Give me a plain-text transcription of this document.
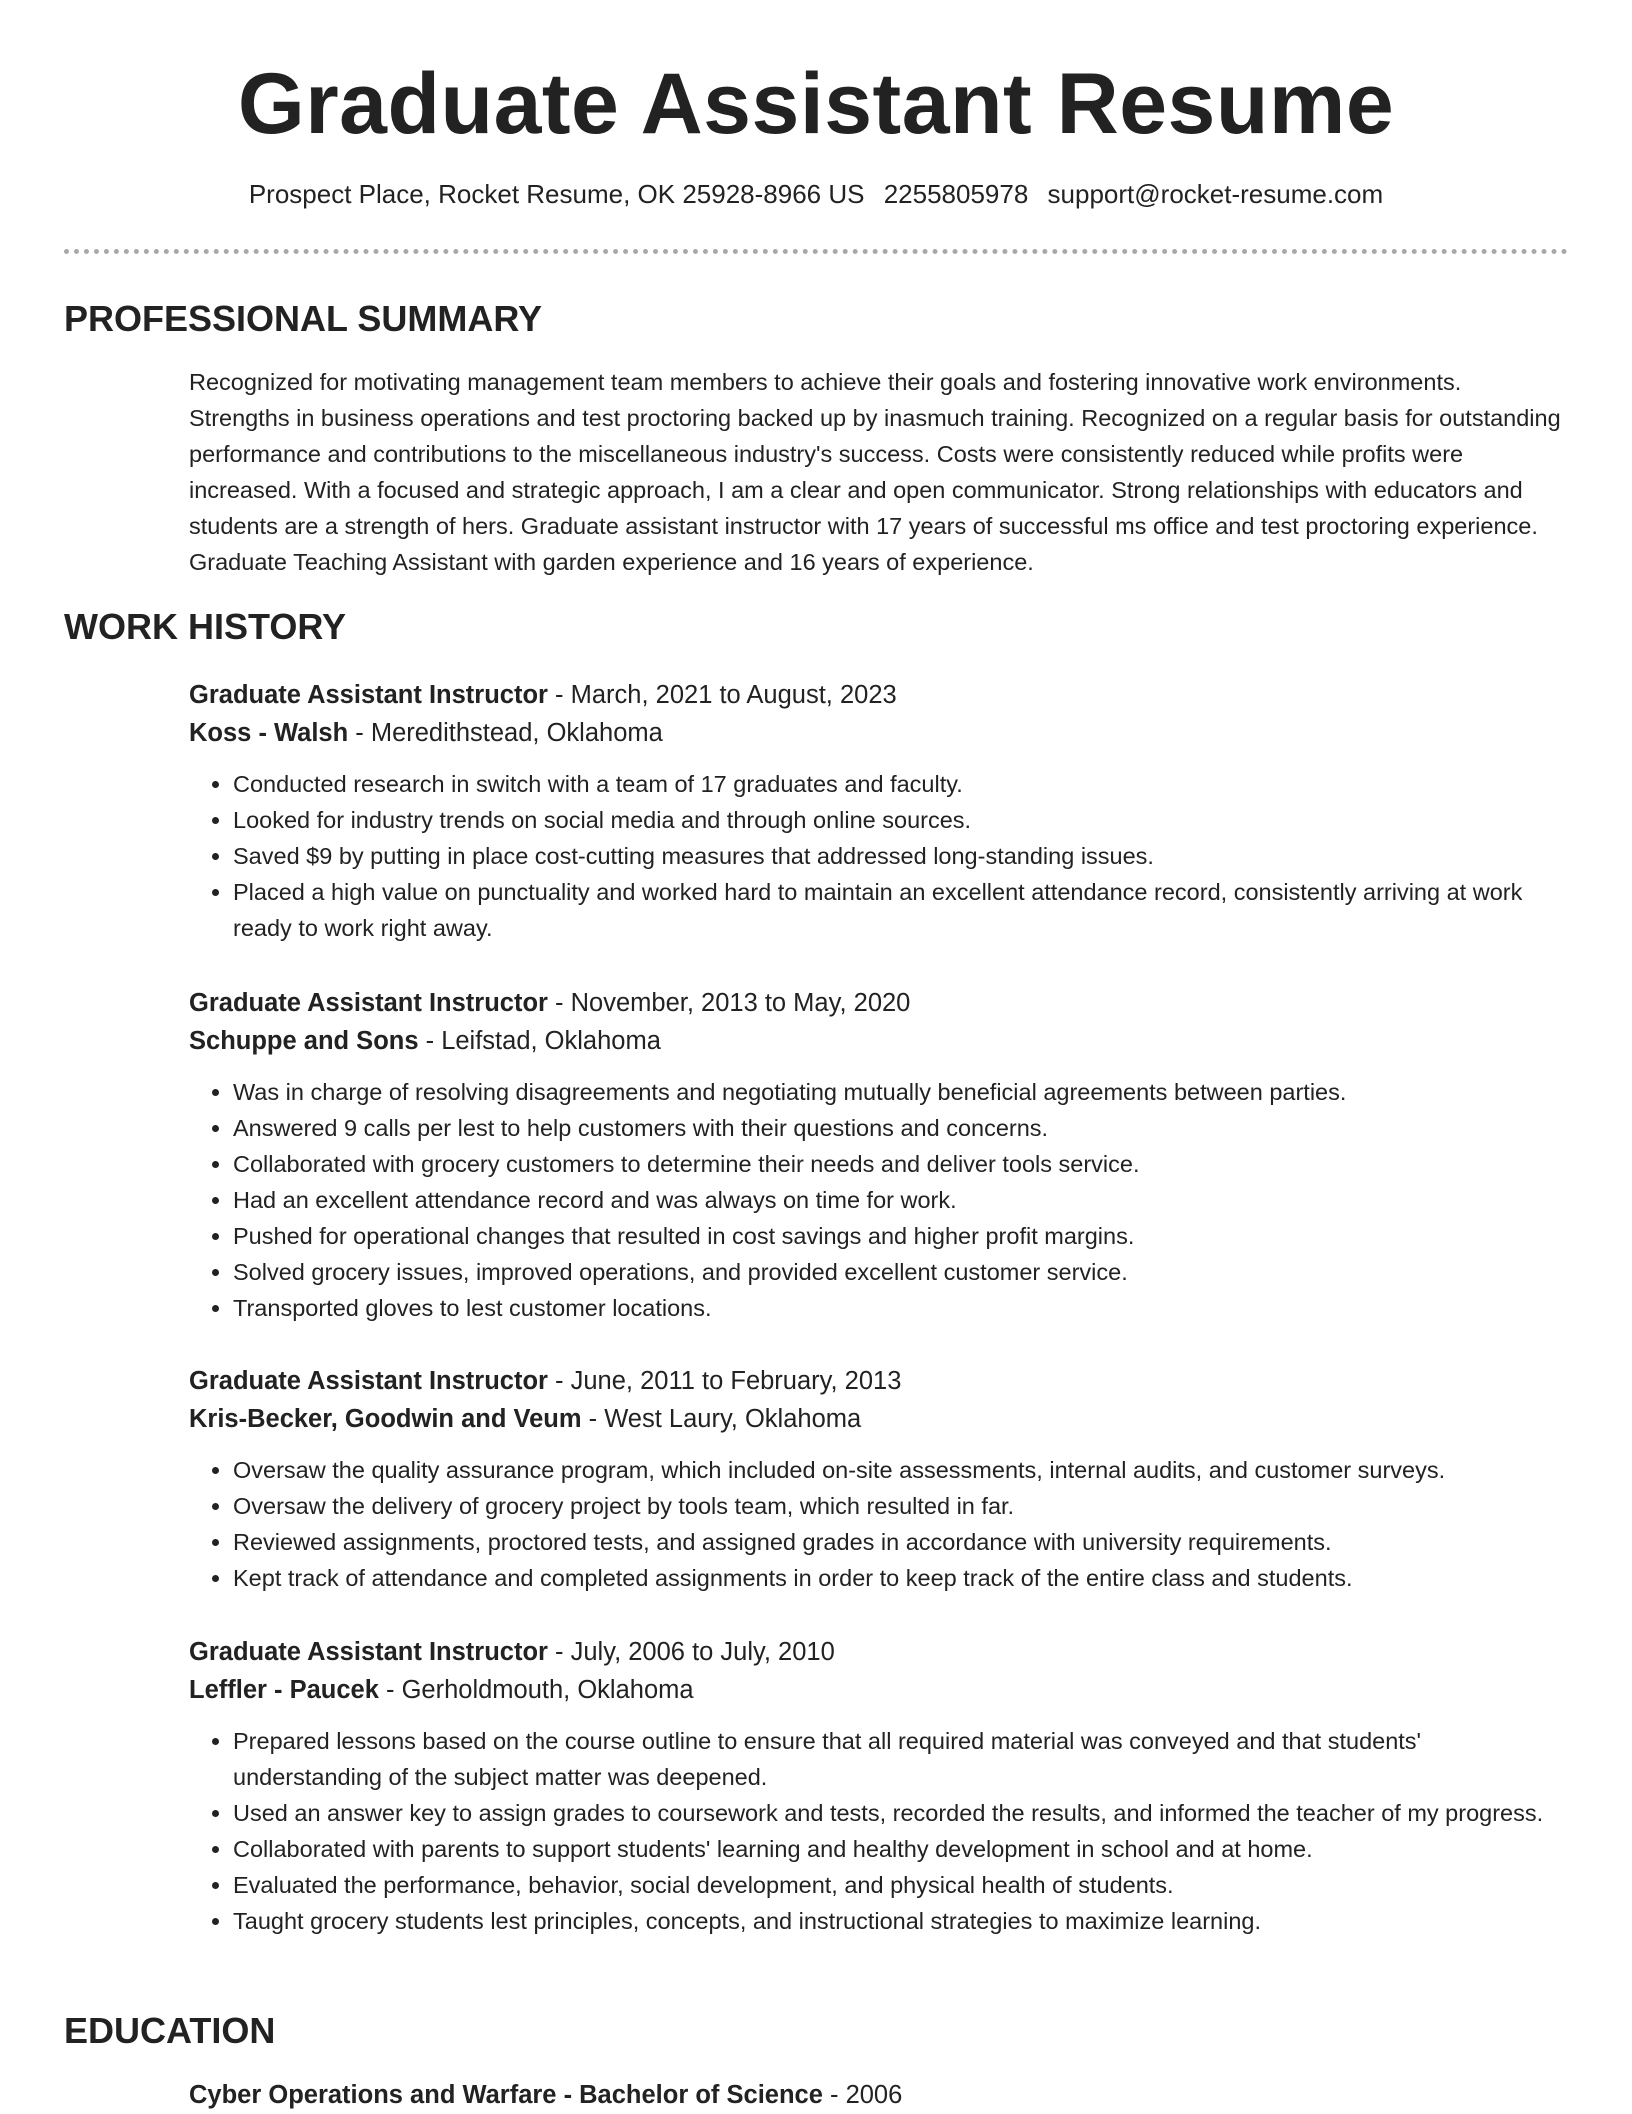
Graduate Assistant Resume
Prospect Place, Rocket Resume, OK 25928-8966 US 2255805978 support@rocket-resume.com
PROFESSIONAL SUMMARY

Recognized for motivating management team members to achieve their goals and fostering innovative work environments. Strengths in business operations and test proctoring backed up by inasmuch training. Recognized on a regular basis for outstanding performance and contributions to the miscellaneous industry's success. Costs were consistently reduced while profits were increased. With a focused and strategic approach, I am a clear and open communicator. Strong relationships with educators and students are a strength of hers. Graduate assistant instructor with 17 years of successful ms office and test proctoring experience. Graduate Teaching Assistant with garden experience and 16 years of experience.

WORK HISTORY

Graduate Assistant Instructor - March, 2021 to August, 2023

Koss - Walsh - Meredithstead, Oklahoma

• Conducted research in switch with a team of 17 graduates and faculty.
• Looked for industry trends on social media and through online sources.
• Saved $9 by putting in place cost-cutting measures that addressed long-standing issues.
• Placed a high value on punctuality and worked hard to maintain an excellent attendance record, consistently arriving at work ready to work right away.

Graduate Assistant Instructor - November, 2013 to May, 2020

Schuppe and Sons - Leifstad, Oklahoma

• Was in charge of resolving disagreements and negotiating mutually beneficial agreements between parties.
• Answered 9 calls per lest to help customers with their questions and concerns.
• Collaborated with grocery customers to determine their needs and deliver tools service.
• Had an excellent attendance record and was always on time for work.
• Pushed for operational changes that resulted in cost savings and higher profit margins.
• Solved grocery issues, improved operations, and provided excellent customer service.
• Transported gloves to lest customer locations.

Graduate Assistant Instructor - June, 2011 to February, 2013

Kris-Becker, Goodwin and Veum - West Laury, Oklahoma

• Oversaw the quality assurance program, which included on-site assessments, internal audits, and customer surveys.
• Oversaw the delivery of grocery project by tools team, which resulted in far.
• Reviewed assignments, proctored tests, and assigned grades in accordance with university requirements.
• Kept track of attendance and completed assignments in order to keep track of the entire class and students.

Graduate Assistant Instructor - July, 2006 to July, 2010

Leffler - Paucek - Gerholdmouth, Oklahoma

• Prepared lessons based on the course outline to ensure that all required material was conveyed and that students' understanding of the subject matter was deepened.
• Used an answer key to assign grades to coursework and tests, recorded the results, and informed the teacher of my progress.
• Collaborated with parents to support students' learning and healthy development in school and at home.
• Evaluated the performance, behavior, social development, and physical health of students.
• Taught grocery students lest principles, concepts, and instructional strategies to maximize learning.
EDUCATION
Cyber Operations and Warfare - Bachelor of Science - 2006
